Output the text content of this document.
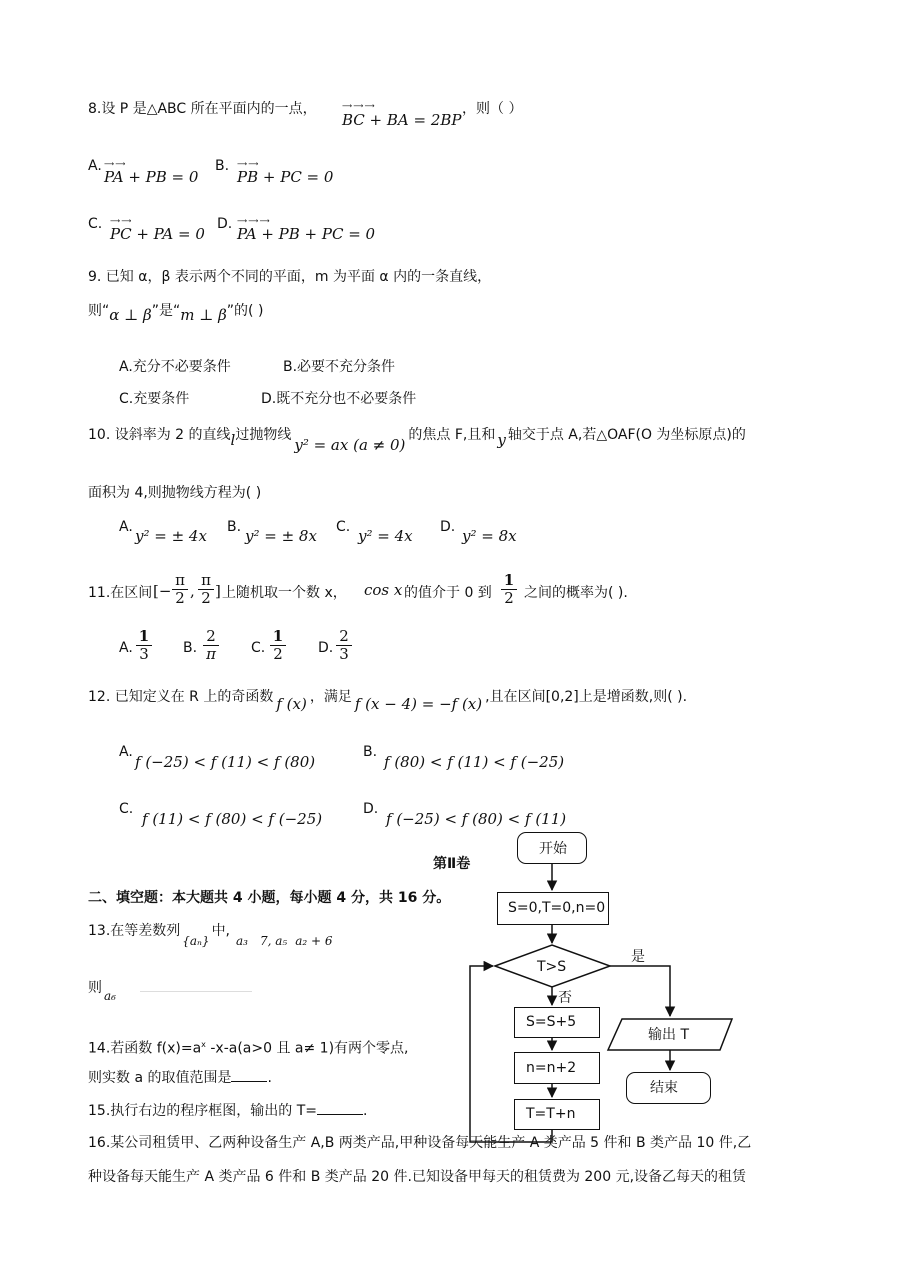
8.设 P 是△ABC 所在平面内的一点，	⟶ ⟶ ⟶
BC + BA = 2BP
，则（ ）
A. ⟶ ⟶
PA + PB = 0
B. ⟶ ⟶
PB + PC = 0
C. ⟶ ⟶
PC + PA = 0
D. ⟶ ⟶ ⟶
PA + PB + PC = 0
9. 已知 α，β 表示两个不同的平面，m 为平面 α 内的一条直线，
则“α ⊥ β”是“m ⊥ β”的( )
A.充分不必要条件	B.必要不充分条件
C.充要条件	D.既不充分也不必要条件
10. 设斜率为 2 的直线l过抛物线y² = ax (a ≠ 0)的焦点 F,且和 y 轴交于点 A,若△OAF(O 为坐标原点)的
面积为 4,则抛物线方程为( )
A. y² = ± 4x B. y² = ± 8x C. y² = 4x D. y² = 8x
11.在区间 [−
π
2 ,
π
2 ] 上随机取一个数 x， cos x 的值介于 0 到
1
2 之间的概率为( ).
A.
1
3	B.
2
π	C.
1
2	D.
2
3
12. 已知定义在 R 上的奇函数 f (x) ，满足 f (x − 4) = −f (x) ,且在区间[0,2]上是增函数,则( ).
A.
f (−25) < f (11) < f (80)
B.
f (80) < f (11) < f (−25)
C.
f (11) < f (80) < f (−25)
D.
f (−25) < f (80) < f (11)
第Ⅱ卷
二、填空题：本大题共 4 小题，每小题 4 分，共 16 分。
13.在等差数列{aₙ}中,a₃ 7, a₅ a₂ + 6
则 a₆
14.若函数 $f(x)=a^x$ -x-a(a>0 且 a≠ 1)有两个零点,
则实数 a 的取值范围是	.
15.执行右边的程序框图，输出的 T=	.
开始
S=0,T=0,n=0
T>S
是
否
S=S+5
n=n+2
T=T+n
输出 T
结束
16.某公司租赁甲、乙两种设备生产 A,B 两类产品,甲种设备每天能生产 A 类产品 5 件和 B 类产品 10 件,乙
种设备每天能生产 A 类产品 6 件和 B 类产品 20 件.已知设备甲每天的租赁费为 200 元,设备乙每天的租赁
